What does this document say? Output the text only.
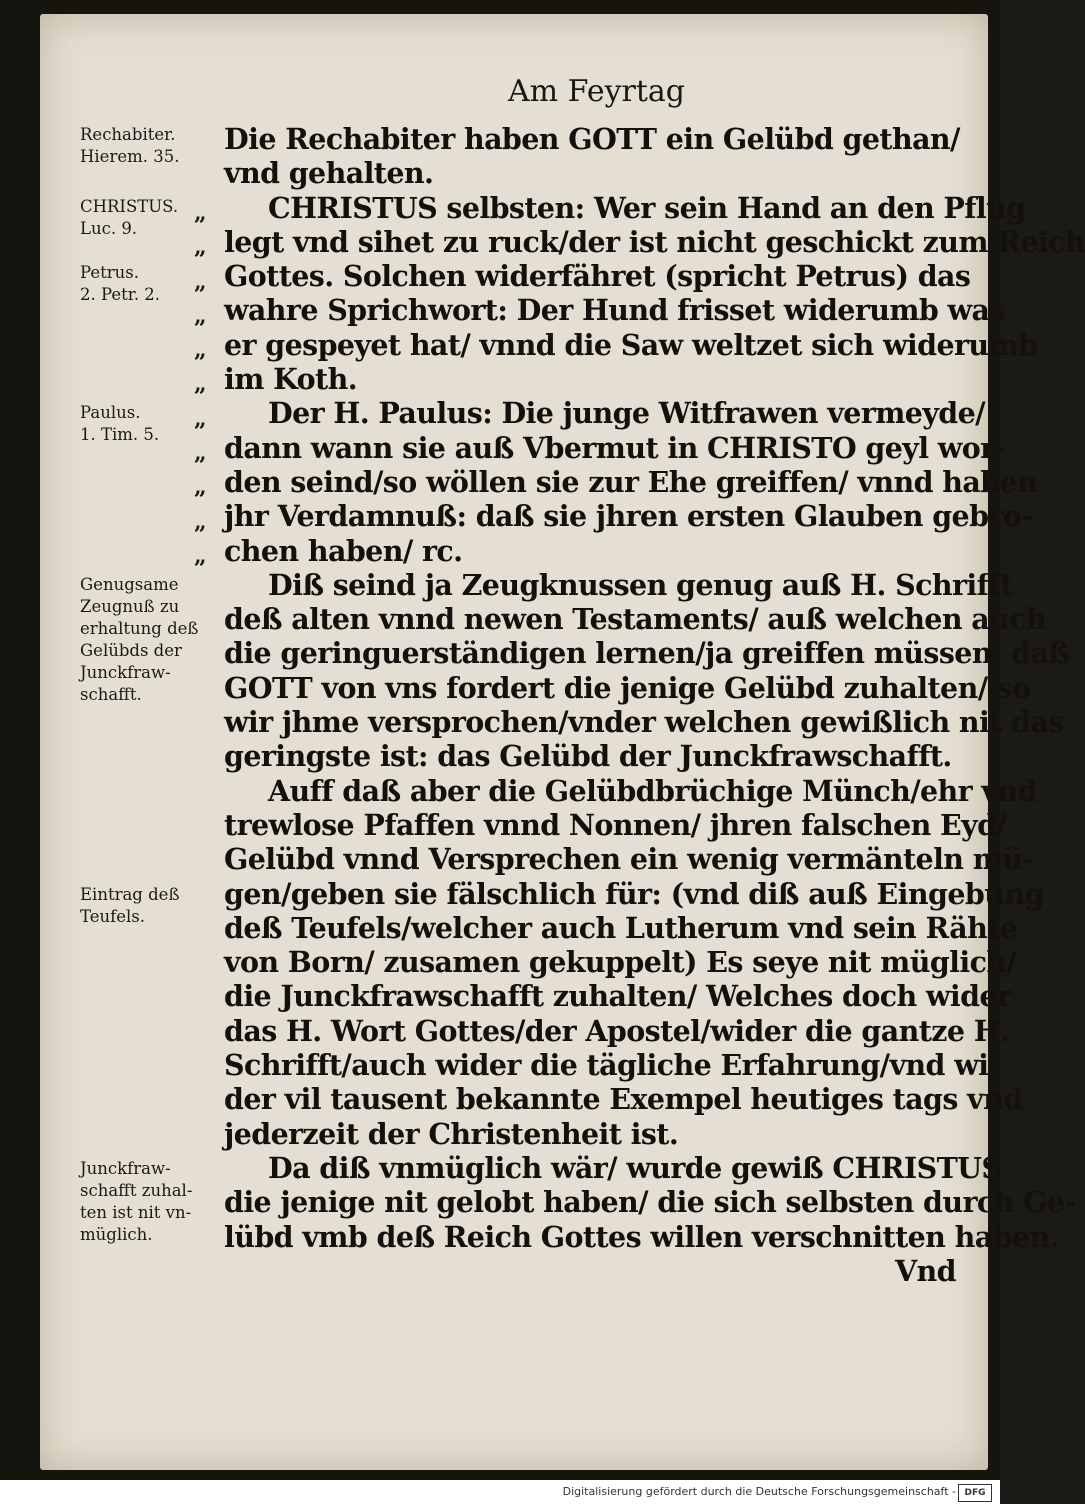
Am Feyrtag
Rechabiter.
Hierem. 35.
CHRISTUS.
Luc. 9.
Petrus.
2. Petr. 2.
Paulus.
1. Tim. 5.
Genugsame
Zeugnuß zu
erhaltung deß
Gelübds der
Junckfraw-
schafft.
Eintrag deß
Teufels.
Junckfraw-
schafft zuhal-
ten ist nit vn-
müglich.
„
„
„
„
„
„
„
„
„
„
„
Die Rechabiter haben GOTT ein Gelübd gethan/
vnd gehalten.
CHRISTUS selbsten: Wer sein Hand an den Pflug
legt vnd sihet zu ruck/der ist nicht geschickt zum Reich
Gottes. Solchen widerfähret (spricht Petrus) das
wahre Sprichwort: Der Hund frisset widerumb was
er gespeyet hat/ vnnd die Saw weltzet sich widerumb
im Koth.
Der H. Paulus: Die junge Witfrawen vermeyde/
dann wann sie auß Vbermut in CHRISTO geyl wor-
den seind/so wöllen sie zur Ehe greiffen/ vnnd haben
jhr Verdamnuß: daß sie jhren ersten Glauben gebro-
chen haben/ rc.
Diß seind ja Zeugknussen genug auß H. Schrifft
deß alten vnnd newen Testaments/ auß welchen auch
die geringuerständigen lernen/ja greiffen müssen: daß
GOTT von vns fordert die jenige Gelübd zuhalten/ so
wir jhme versprochen/vnder welchen gewißlich nit das
geringste ist: das Gelübd der Junckfrawschafft.
Auff daß aber die Gelübdbrüchige Münch/ehr vnd
trewlose Pfaffen vnnd Nonnen/ jhren falschen Eyd/
Gelübd vnnd Versprechen ein wenig vermänteln mü-
gen/geben sie fälschlich für: (vnd diß auß Eingebung
deß Teufels/welcher auch Lutherum vnd sein Rähte
von Born/ zusamen gekuppelt) Es seye nit müglich/
die Junckfrawschafft zuhalten/ Welches doch wider
das H. Wort Gottes/der Apostel/wider die gantze H.
Schrifft/auch wider die tägliche Erfahrung/vnd wi-
der vil tausent bekannte Exempel heutiges tags vnd
jederzeit der Christenheit ist.
Da diß vnmüglich wär/ wurde gewiß CHRISTUS
die jenige nit gelobt haben/ die sich selbsten durch Ge-
lübd vmb deß Reich Gottes willen verschnitten haben.
Vnd
Digitalisierung gefördert durch die Deutsche Forschungsgemeinschaft - DFG
